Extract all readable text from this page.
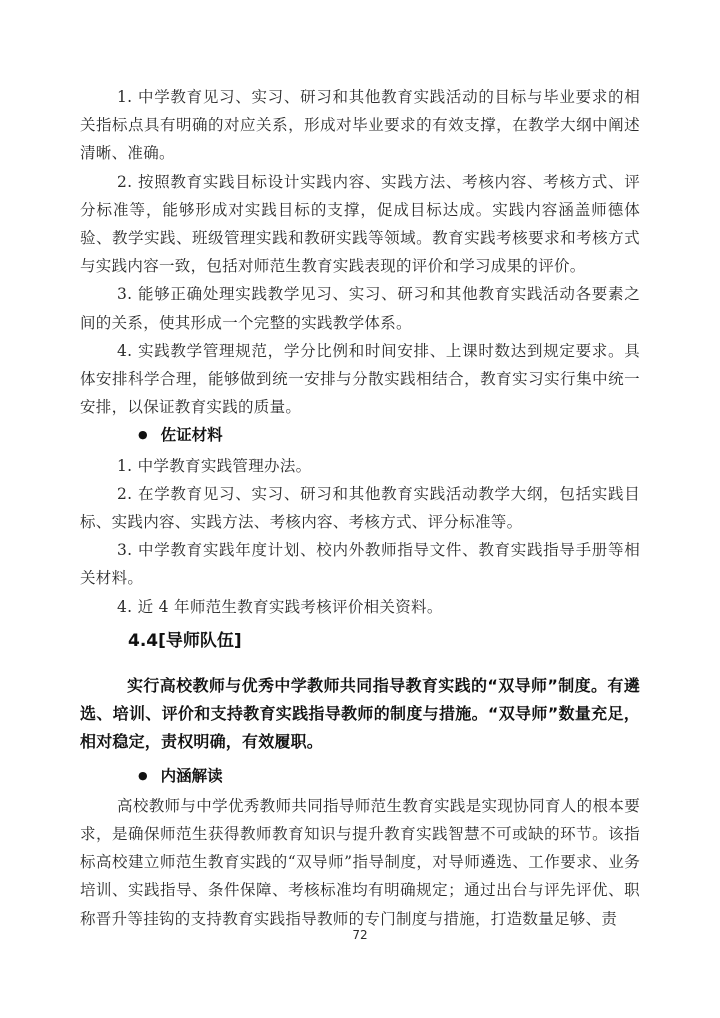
1. 中学教育见习、实习、研习和其他教育实践活动的目标与毕业要求的相关指标点具有明确的对应关系，形成对毕业要求的有效支撑，在教学大纲中阐述清晰、准确。

2. 按照教育实践目标设计实践内容、实践方法、考核内容、考核方式、评分标准等，能够形成对实践目标的支撑，促成目标达成。实践内容涵盖师德体验、教学实践、班级管理实践和教研实践等领域。教育实践考核要求和考核方式与实践内容一致，包括对师范生教育实践表现的评价和学习成果的评价。

3. 能够正确处理实践教学见习、实习、研习和其他教育实践活动各要素之间的关系，使其形成一个完整的实践教学体系。

4. 实践教学管理规范，学分比例和时间安排、上课时数达到规定要求。具体安排科学合理，能够做到统一安排与分散实践相结合，教育实习实行集中统一安排，以保证教育实践的质量。

● 佐证材料

1. 中学教育实践管理办法。

2. 在学教育见习、实习、研习和其他教育实践活动教学大纲，包括实践目标、实践内容、实践方法、考核内容、考核方式、评分标准等。

3. 中学教育实践年度计划、校内外教师指导文件、教育实践指导手册等相关材料。

4. 近 4 年师范生教育实践考核评价相关资料。

4.4[导师队伍]

实行高校教师与优秀中学教师共同指导教育实践的“双导师”制度。有遴选、培训、评价和支持教育实践指导教师的制度与措施。“双导师”数量充足，相对稳定，责权明确，有效履职。

● 内涵解读

高校教师与中学优秀教师共同指导师范生教育实践是实现协同育人的根本要求，是确保师范生获得教师教育知识与提升教育实践智慧不可或缺的环节。该指标高校建立师范生教育实践的“双导师”指导制度，对导师遴选、工作要求、业务培训、实践指导、条件保障、考核标准均有明确规定；通过出台与评先评优、职称晋升等挂钩的支持教育实践指导教师的专门制度与措施，打造数量足够、责

72
